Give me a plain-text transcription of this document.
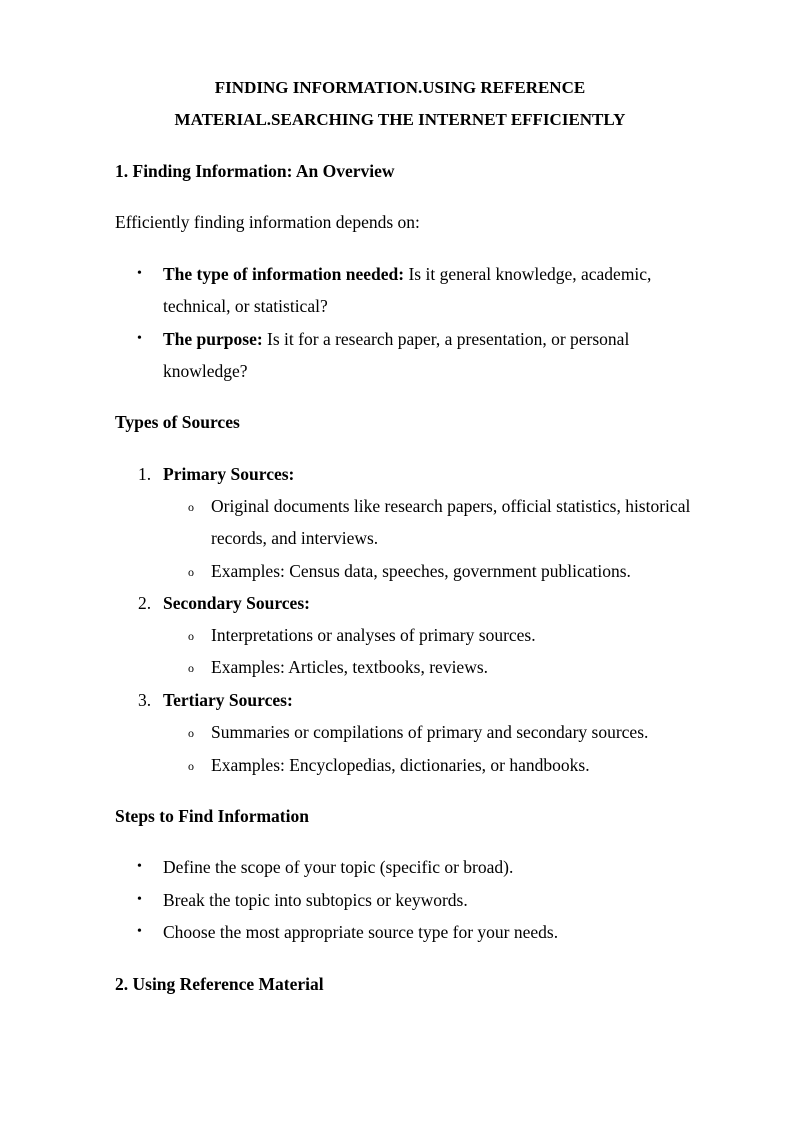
FINDING INFORMATION.USING REFERENCE
MATERIAL.SEARCHING THE INTERNET EFFICIENTLY
1. Finding Information: An Overview
Efficiently finding information depends on:
• The type of information needed: Is it general knowledge, academic,
technical, or statistical?
• The purpose: Is it for a research paper, a presentation, or personal
knowledge?
Types of Sources
1. Primary Sources:
o Original documents like research papers, official statistics, historical
records, and interviews.
o Examples: Census data, speeches, government publications.
2. Secondary Sources:
o Interpretations or analyses of primary sources.
o Examples: Articles, textbooks, reviews.
3. Tertiary Sources:
o Summaries or compilations of primary and secondary sources.
o Examples: Encyclopedias, dictionaries, or handbooks.
Steps to Find Information
• Define the scope of your topic (specific or broad).
• Break the topic into subtopics or keywords.
• Choose the most appropriate source type for your needs.
2. Using Reference Material
